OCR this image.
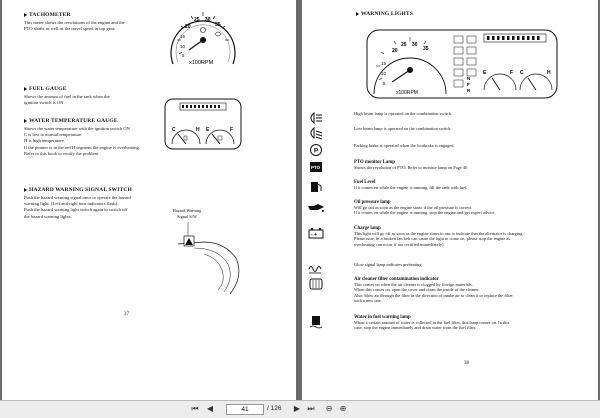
TACHOMETER
This meter shows the revolutions of the engine and the
PTO shafts as well as the travel speed in top gear.	20
25 30
35
15
10
5
x100RPM
FUEL GAUGE
Shows the amount of fuel in the tank when the
ignition switch is ON
C	H E	F
WATER TEMPERATURE GAUGE
Shows the water temperature with the ignition switch ON
C is low to normal temperature.
H is high temperature.
If the pointer is in the red H segment the engine is overheating.
Refer to this book to rectify the problem.
HAZARD WARNING SIGNAL SWITCH
Push the hazard warning signal once to operate the hazard
warning light. (Left and right turn indicators flash).
Push the hazard warning light switch again to switch off
the hazard warning lights.
Hazard Warning
Signal S/W
37
WARNING LIGHTS
20
25 30
35
15
10
5
x100RPM
N
F
R
E	F C	H
High beam lamp is operated on the combination switch.
Low beam lamp is operated on the combination switch.
P
Parking brake is operated when the footbrake is engaged.
PTO
PTO monitor Lamp
Shows the revolution of PTO. Refer to monitor lamp on Page 40
Fuel Level
If it comes on while the engine is running, fill the tank with fuel.
Oil pressure lamp
Will go out as soon as the engine starts if the oil pressure is correct.
If it comes on while the engine is running, stop the engine and get expert advice.
- +
Charge lamp
This light will go off as soon as the engine starts to run to indicate that the alternator is charging.
Please note, in a broken fan belt can cause the light to come on, please stop the engine as
overheating can occur if not rectified immediately)
Glow signal lamp indicates preheating.
Air cleaner filter contamination indicator
This comes on when the air cleaner is clogged by foreign materials.
When this comes on, open the cover and clean the inside of the cleaner.
Also, blow air through the filter in the direction of intake air to clean it or replace the filter
with a new one.
Water in fuel warning lamp
When a certain amount of water is collected in the fuel filter, this lamp comes on. In this
case, stop the engine immediately and drain water from the fuel filter.
38
⏮ ◀	41	/ 126 ▶ ⏭ ⊖ ⊕
